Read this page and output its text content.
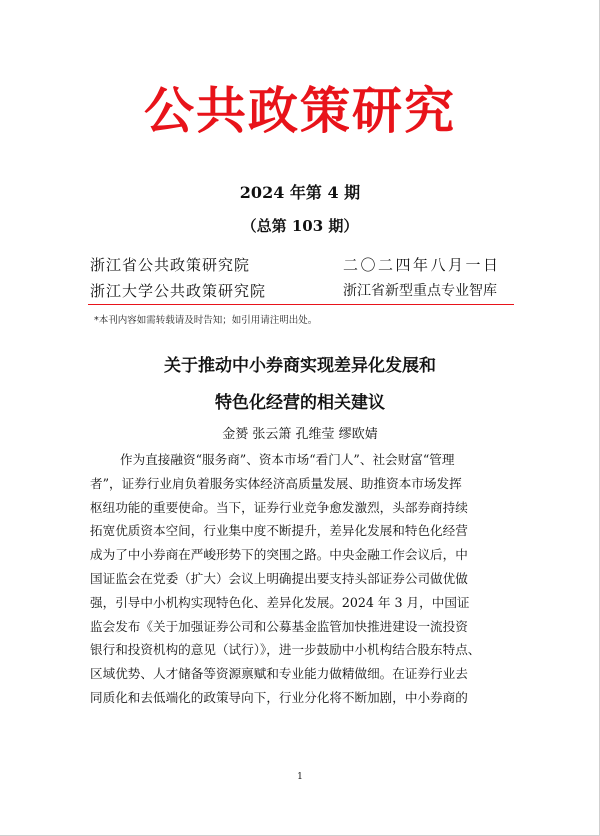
公共政策研究
2024 年第 4 期
（总第 103 期）
浙江省公共政策研究院	二〇二四年八月一日
浙江大学公共政策研究院	浙江省新型重点专业智库
*本刊内容如需转载请及时告知；如引用请注明出处。
关于推动中小券商实现差异化发展和
特色化经营的相关建议
金赟 张云箫 孔维莹 缪欧婧
作为直接融资“服务商”、资本市场“看门人”、社会财富“管理
者”，证券行业肩负着服务实体经济高质量发展、助推资本市场发挥
枢纽功能的重要使命。当下，证券行业竞争愈发激烈，头部券商持续
拓宽优质资本空间，行业集中度不断提升，差异化发展和特色化经营
成为了中小券商在严峻形势下的突围之路。中央金融工作会议后，中
国证监会在党委（扩大）会议上明确提出要支持头部证券公司做优做
强，引导中小机构实现特色化、差异化发展。2024 年 3 月，中国证
监会发布《关于加强证券公司和公募基金监管加快推进建设一流投资
银行和投资机构的意见（试行）》，进一步鼓励中小机构结合股东特点、
区域优势、人才储备等资源禀赋和专业能力做精做细。在证券行业去
同质化和去低端化的政策导向下，行业分化将不断加剧，中小券商的
1
